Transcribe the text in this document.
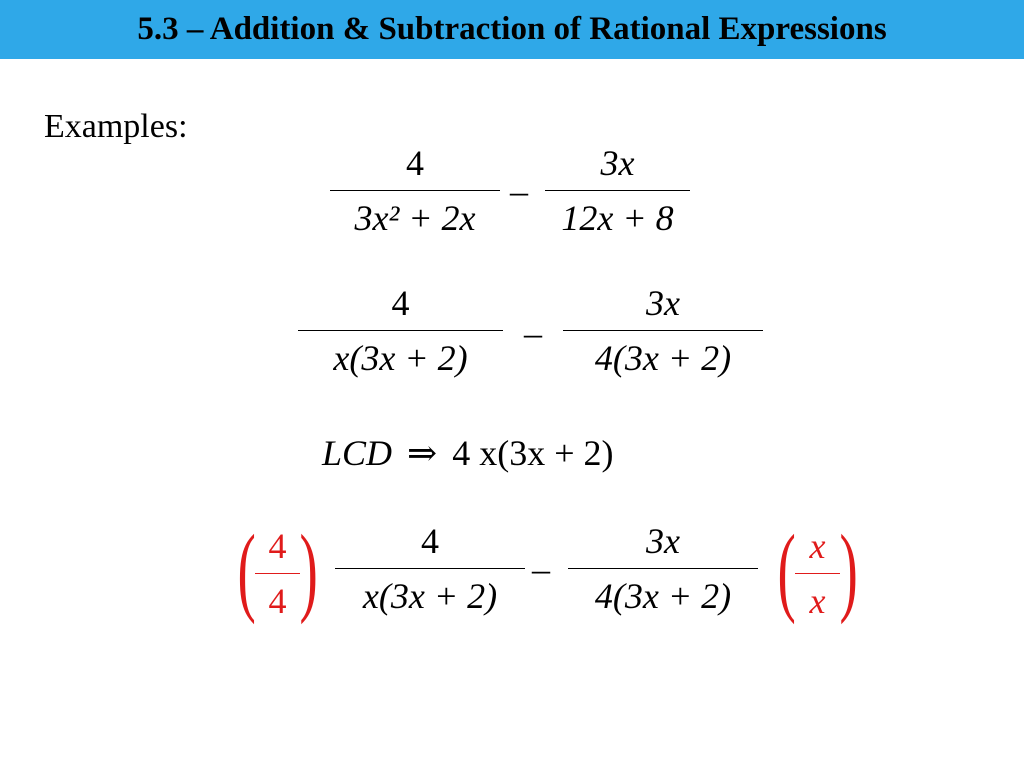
5.3 – Addition & Subtraction of Rational Expressions
Examples:
4
3x² + 2x
–
3x
12x + 8
4
x(3x + 2)
–
3x
4(3x + 2)
LCD ⇒ 4 x(3x + 2)
( 4
4 )	4
x(3x + 2)
–
3x
4(3x + 2) ( x
x )
